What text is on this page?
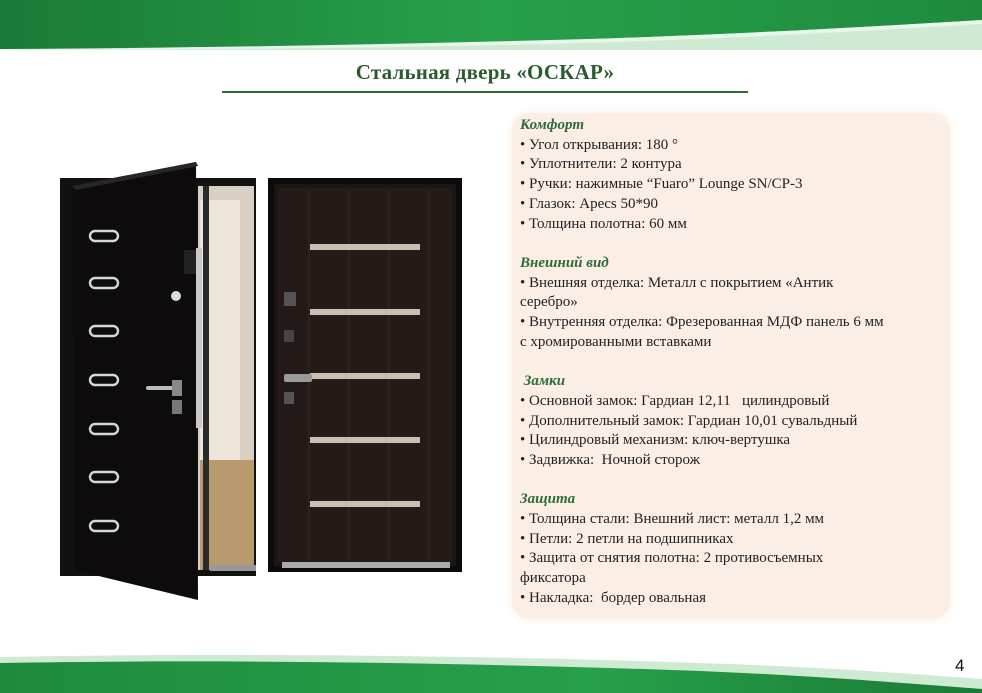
Стальная дверь «ОСКАР»
Комфорт
• Угол открывания: 180 °
• Уплотнители: 2 контура
• Ручки: нажимные “Fuaro” Lounge SN/CP-3
• Глазок: Apecs 50*90
• Толщина полотна: 60 мм
Внешний вид
• Внешняя отделка: Металл с покрытием «Антик
серебро»
• Внутренняя отделка: Фрезерованная МДФ панель 6 мм
с хромированными вставками
Замки
• Основной замок: Гардиан 12,11   цилиндровый
• Дополнительный замок: Гардиан 10,01 сувальдный
• Цилиндровый механизм: ключ-вертушка
• Задвижка:  Ночной сторож
Защита
• Толщина стали: Внешний лист: металл 1,2 мм
• Петли: 2 петли на подшипниках
• Защита от снятия полотна: 2 противосъемных
фиксатора
• Накладка:  бордер овальная
4
